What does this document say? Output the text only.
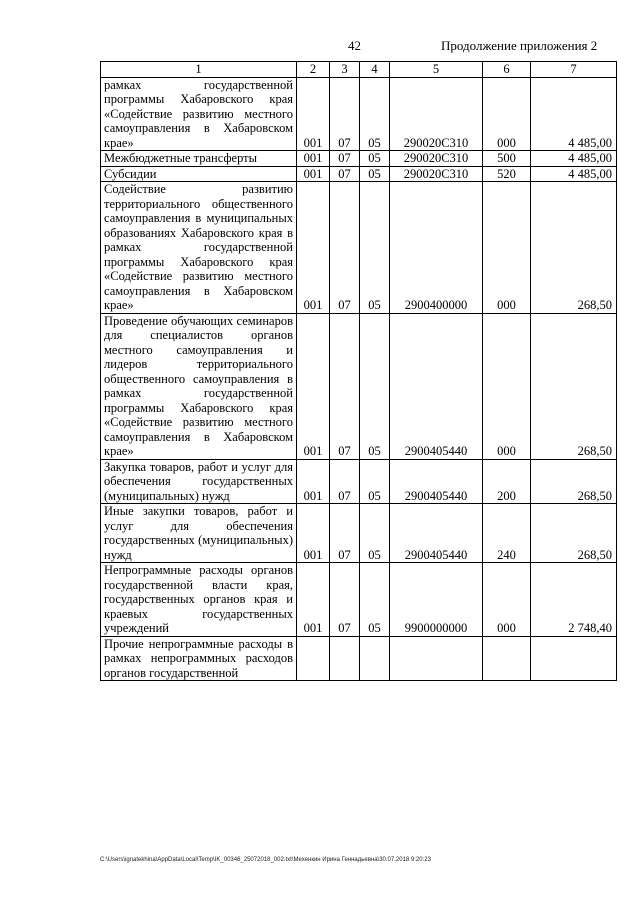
42	Продолжение приложения 2
1	2	3	4	5	6	7
рамках государственной программы Хабаровского края «Содействие развитию местного самоуправления в Хабаровском крае»	001	07	05	290020С310	000	4 485,00
Межбюджетные трансферты	001	07	05	290020С310	500	4 485,00
Субсидии	001	07	05	290020С310	520	4 485,00
Содействие развитию территориального общественного самоуправления в муниципальных образованиях Хабаровского края в рамках государственной программы Хабаровского края «Содействие развитию местного самоуправления в Хабаровском крае»	001	07	05	2900400000	000	268,50
Проведение обучающих семинаров для специалистов органов местного самоуправления и лидеров территориального общественного самоуправления в рамках государственной программы Хабаровского края «Содействие развитию местного самоуправления в Хабаровском крае»	001	07	05	2900405440	000	268,50
Закупка товаров, работ и услуг для обеспечения государственных (муниципальных) нужд	001	07	05	2900405440	200	268,50
Иные закупки товаров, работ и услуг для обеспечения государственных (муниципальных) нужд	001	07	05	2900405440	240	268,50
Непрограммные расходы органов государственной власти края, государственных органов края и краевых государственных учреждений	001	07	05	9900000000	000	2 748,40
Прочие непрограммные расходы в рамках непрограммных расходов органов государственной						
C:\Users\ignatekhina\AppData\Local\Temp\IK_00346_25072018_002.txt\Мехенкин Ирина Геннадьевна\30.07.2018 9:20:23
